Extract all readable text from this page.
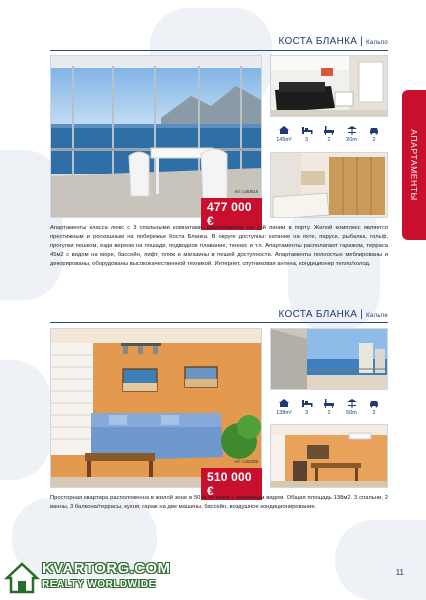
АПАРТАМЕНТЫ
КОСТА БЛАНКА | Кальпо
Art: cal0815
477 000 €
145m²	3	2	20m	2

Апартаменты класса люкс с 3 спальными комнатами, расположены на 1ой линии в порту. Жилой комплекс является престижным и роскошным на побережье Коста Бланка. В округе доступны: катание на яхте, парусе, рыбалка, гольф, прогулки пешком, езда верхом на лошади, подводное плавание, теннис и т.п. Апартаменты располагают гаражом, террасa 45м2 с видом на море, бассейн, лифт, пляж и магазины в пешей доступности. Апартаменты полностью меблированы и декорированы, оборудованы высококачественной техникой. Интернет, спутниковая антена, кондиционер тепло/холод.

КОСТА БЛАНКА | Кальпе
Art: cal0286
510 000 €
138m²	3	2	50m	2

Просторная квартира расположенна в жилой зоне в 50 м от моря с шикарным видом. Общая площадь 138м2. 3 спальни, 2 ванны, 3 балкона/террасы, кухня, гараж на две машины, бассейн, воздушное кондиционирование.

KVARTORG.COM
REALTY WORLDWIDE
11
